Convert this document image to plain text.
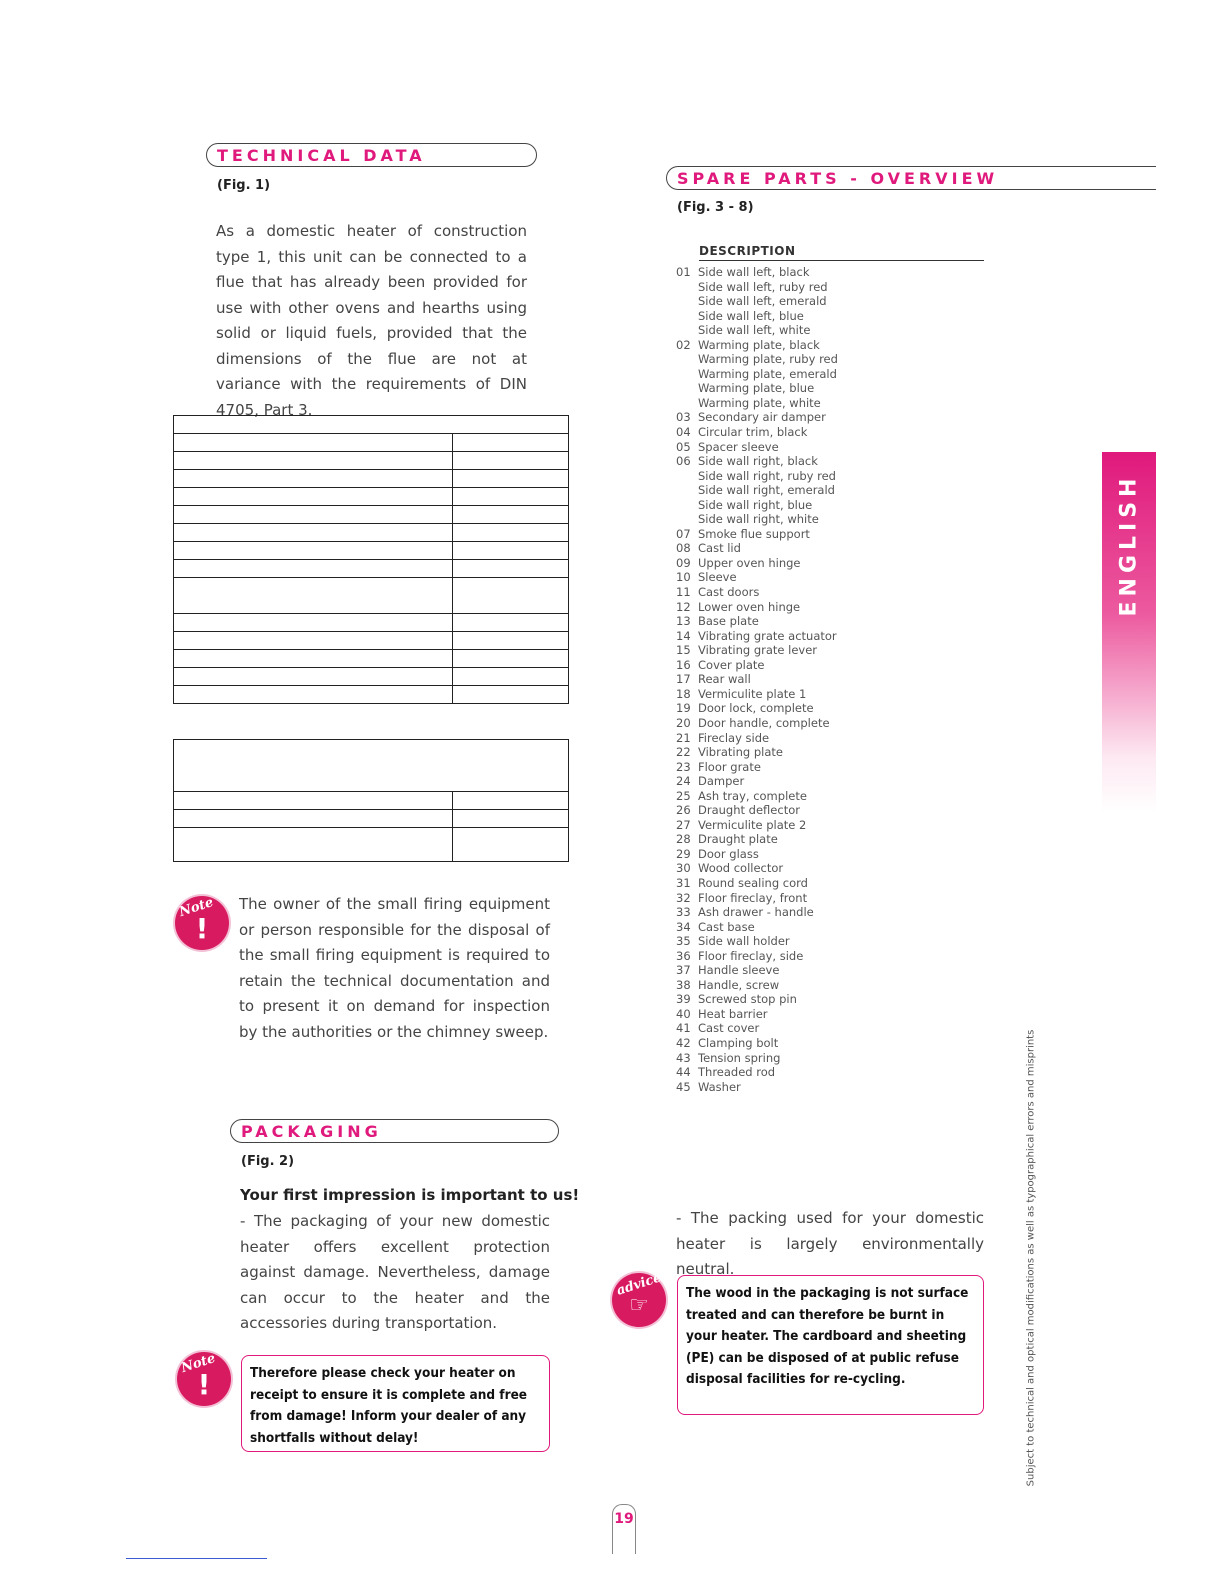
TECHNICAL DATA
(Fig. 1)

As a domestic heater of construction type 1, this unit can be connected to a flue that has already been provided for use with other ovens and hearths using solid or liquid fuels, provided that the dimensions of the flue are not at variance with the requirements of DIN 4705, Part 3.

Note
!

The owner of the small firing equipment or person responsible for the disposal of the small firing equipment is required to retain the technical documentation and to present it on demand for inspection by the authorities or the chimney sweep.

PACKAGING
(Fig. 2)
Your first impression is important to us!

- The packaging of your new domestic heater offers excellent protection against damage. Nevertheless, damage can occur to the heater and the accessories during transportation.

Note
!	Therefore please check your heater on receipt to ensure it is complete and free from damage! Inform your dealer of any shortfalls without delay!
SPARE PARTS - OVERVIEW
(Fig. 3 - 8)
DESCRIPTION
01 Side wall left, black
Side wall left, ruby red
Side wall left, emerald
Side wall left, blue
Side wall left, white
02 Warming plate, black
Warming plate, ruby red
Warming plate, emerald
Warming plate, blue
Warming plate, white
03 Secondary air damper
04 Circular trim, black
05 Spacer sleeve
06 Side wall right, black
Side wall right, ruby red
Side wall right, emerald
Side wall right, blue
Side wall right, white
07 Smoke flue support
08 Cast lid
09 Upper oven hinge
10 Sleeve
11 Cast doors
12 Lower oven hinge
13 Base plate
14 Vibrating grate actuator
15 Vibrating grate lever
16 Cover plate
17 Rear wall
18 Vermiculite plate 1
19 Door lock, complete
20 Door handle, complete
21 Fireclay side
22 Vibrating plate
23 Floor grate
24 Damper
25 Ash tray, complete
26 Draught deflector
27 Vermiculite plate 2
28 Draught plate
29 Door glass
30 Wood collector
31 Round sealing cord
32 Floor fireclay, front
33 Ash drawer - handle
34 Cast base
35 Side wall holder
36 Floor fireclay, side
37 Handle sleeve
38 Handle, screw
39 Screwed stop pin
40 Heat barrier
41 Cast cover
42 Clamping bolt
43 Tension spring
44 Threaded rod
45 Washer

- The packing used for your domestic heater is largely environmentally neutral.

advice
☞	The wood in the packaging is not surface treated and can therefore be burnt in your heater. The cardboard and sheeting (PE) can be disposed of at public refuse disposal facilities for re-cycling.
ENGLISH
Subject to technical and optical modifications as well as typographical errors and misprints
19
